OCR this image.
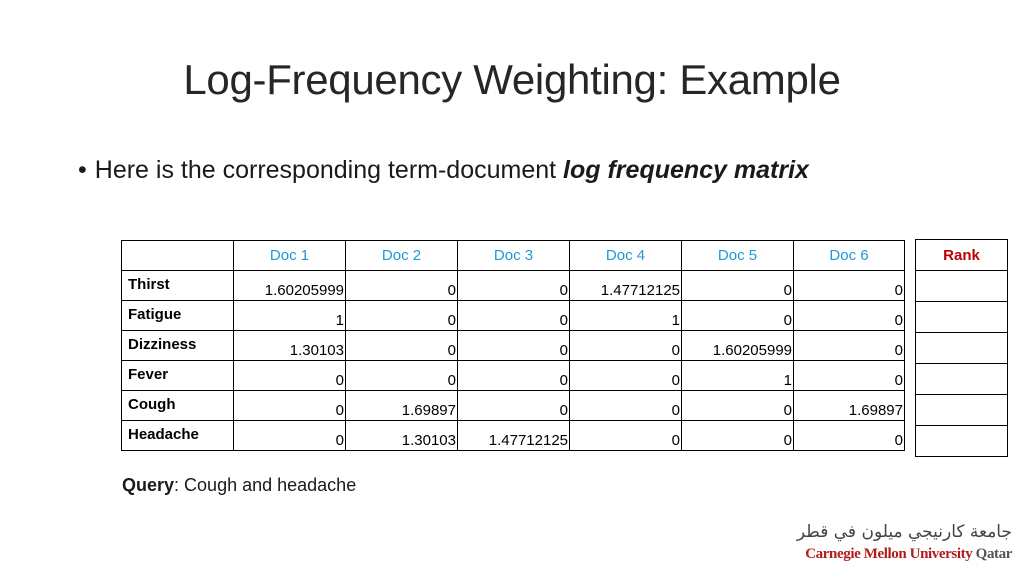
Log-Frequency Weighting: Example
• Here is the corresponding term-document log frequency matrix
	Doc 1	Doc 2	Doc 3	Doc 4	Doc 5	Doc 6
Thirst	1.60205999	0	0	1.47712125	0	0
Fatigue	1	0	0	1	0	0
Dizziness	1.30103	0	0	0	1.60205999	0
Fever	0	0	0	0	1	0
Cough	0	1.69897	0	0	0	1.69897
Headache	0	1.30103	1.47712125	0	0	0
Rank

Query: Cough and headache
جامعة كارنيجي ميلون في قطر
Carnegie Mellon University Qatar
